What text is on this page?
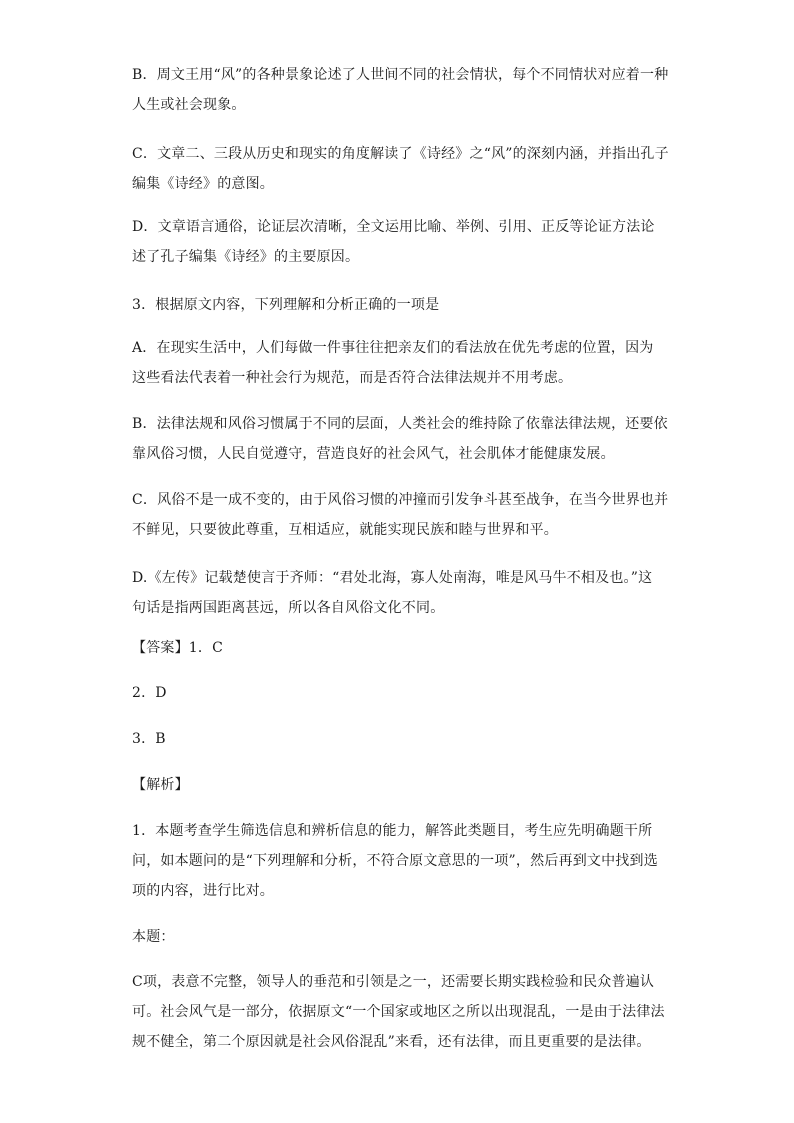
B．周文王用“风”的各种景象论述了人世间不同的社会情状，每个不同情状对应着一种
人生或社会现象。

C．文章二、三段从历史和现实的角度解读了《诗经》之“风”的深刻内涵，并指出孔子
编集《诗经》的意图。

D．文章语言通俗，论证层次清晰，全文运用比喻、举例、引用、正反等论证方法论
述了孔子编集《诗经》的主要原因。

3．根据原文内容，下列理解和分析正确的一项是

A．在现实生活中，人们每做一件事往往把亲友们的看法放在优先考虑的位置，因为
这些看法代表着一种社会行为规范，而是否符合法律法规并不用考虑。

B．法律法规和风俗习惯属于不同的层面，人类社会的维持除了依靠法律法规，还要依
靠风俗习惯，人民自觉遵守，营造良好的社会风气，社会肌体才能健康发展。

C．风俗不是一成不变的，由于风俗习惯的冲撞而引发争斗甚至战争，在当今世界也并
不鲜见，只要彼此尊重，互相适应，就能实现民族和睦与世界和平。

D.《左传》记载楚使言于齐师：“君处北海，寡人处南海，唯是风马牛不相及也。”这
句话是指两国距离甚远，所以各自风俗文化不同。

【答案】1．C

2．D

3．B

【解析】

1．本题考查学生筛选信息和辨析信息的能力，解答此类题目，考生应先明确题干所
问，如本题问的是“下列理解和分析，不符合原文意思的一项”，然后再到文中找到选
项的内容，进行比对。

本题：

C项，表意不完整，领导人的垂范和引领是之一，还需要长期实践检验和民众普遍认
可。社会风气是一部分，依据原文“一个国家或地区之所以出现混乱，一是由于法律法
规不健全，第二个原因就是社会风俗混乱”来看，还有法律，而且更重要的是法律。
